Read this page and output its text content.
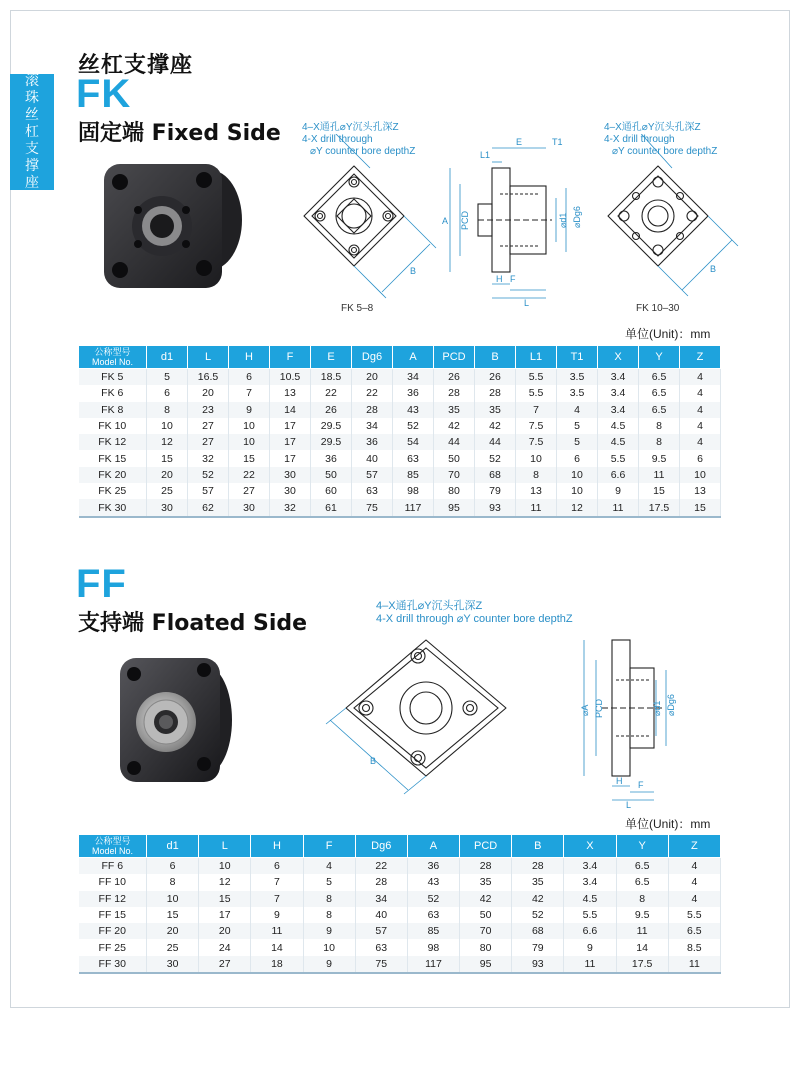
滚
珠
丝
杠
支
撑
座
丝杠支撑座
FK
固定端 Fixed Side 4–X通孔⌀Y沉头孔深Z
4-X drill through
⌀Y counter bore depthZ
4–X通孔⌀Y沉头孔深Z
4-X drill through
⌀Y counter bore depthZ
A
B
E	T1
L1
PCD	⌀d1 ⌀Dg6
H F
L
B
FK 5–8	FK 10–30
单位(Unit)：mm
公称型号
Model No.	d1	L	H	F	E	Dg6	A	PCD	B	L1	T1	X	Y	Z
FK 5	5	16.5	6	10.5	18.5	20	34	26	26	5.5	3.5	3.4	6.5	4
FK 6	6	20	7	13	22	22	36	28	28	5.5	3.5	3.4	6.5	4
FK 8	8	23	9	14	26	28	43	35	35	7	4	3.4	6.5	4
FK 10	10	27	10	17	29.5	34	52	42	42	7.5	5	4.5	8	4
FK 12	12	27	10	17	29.5	36	54	44	44	7.5	5	4.5	8	4
FK 15	15	32	15	17	36	40	63	50	52	10	6	5.5	9.5	6
FK 20	20	52	22	30	50	57	85	70	68	8	10	6.6	11	10
FK 25	25	57	27	30	60	63	98	80	79	13	10	9	15	13
FK 30	30	62	30	32	61	75	117	95	93	11	12	11	17.5	15
FF
支持端 Floated Side
4–X通孔⌀Y沉头孔深Z
4-X drill through ⌀Y counter bore depthZ
B
⌀A PCD	⌀d1 ⌀Dg6
H F
L
单位(Unit)：mm
公称型号
Model No.	d1	L	H	F	Dg6	A	PCD	B	X	Y	Z
FF 6	6	10	6	4	22	36	28	28	3.4	6.5	4
FF 10	8	12	7	5	28	43	35	35	3.4	6.5	4
FF 12	10	15	7	8	34	52	42	42	4.5	8	4
FF 15	15	17	9	8	40	63	50	52	5.5	9.5	5.5
FF 20	20	20	11	9	57	85	70	68	6.6	11	6.5
FF 25	25	24	14	10	63	98	80	79	9	14	8.5
FF 30	30	27	18	9	75	117	95	93	11	17.5	11
